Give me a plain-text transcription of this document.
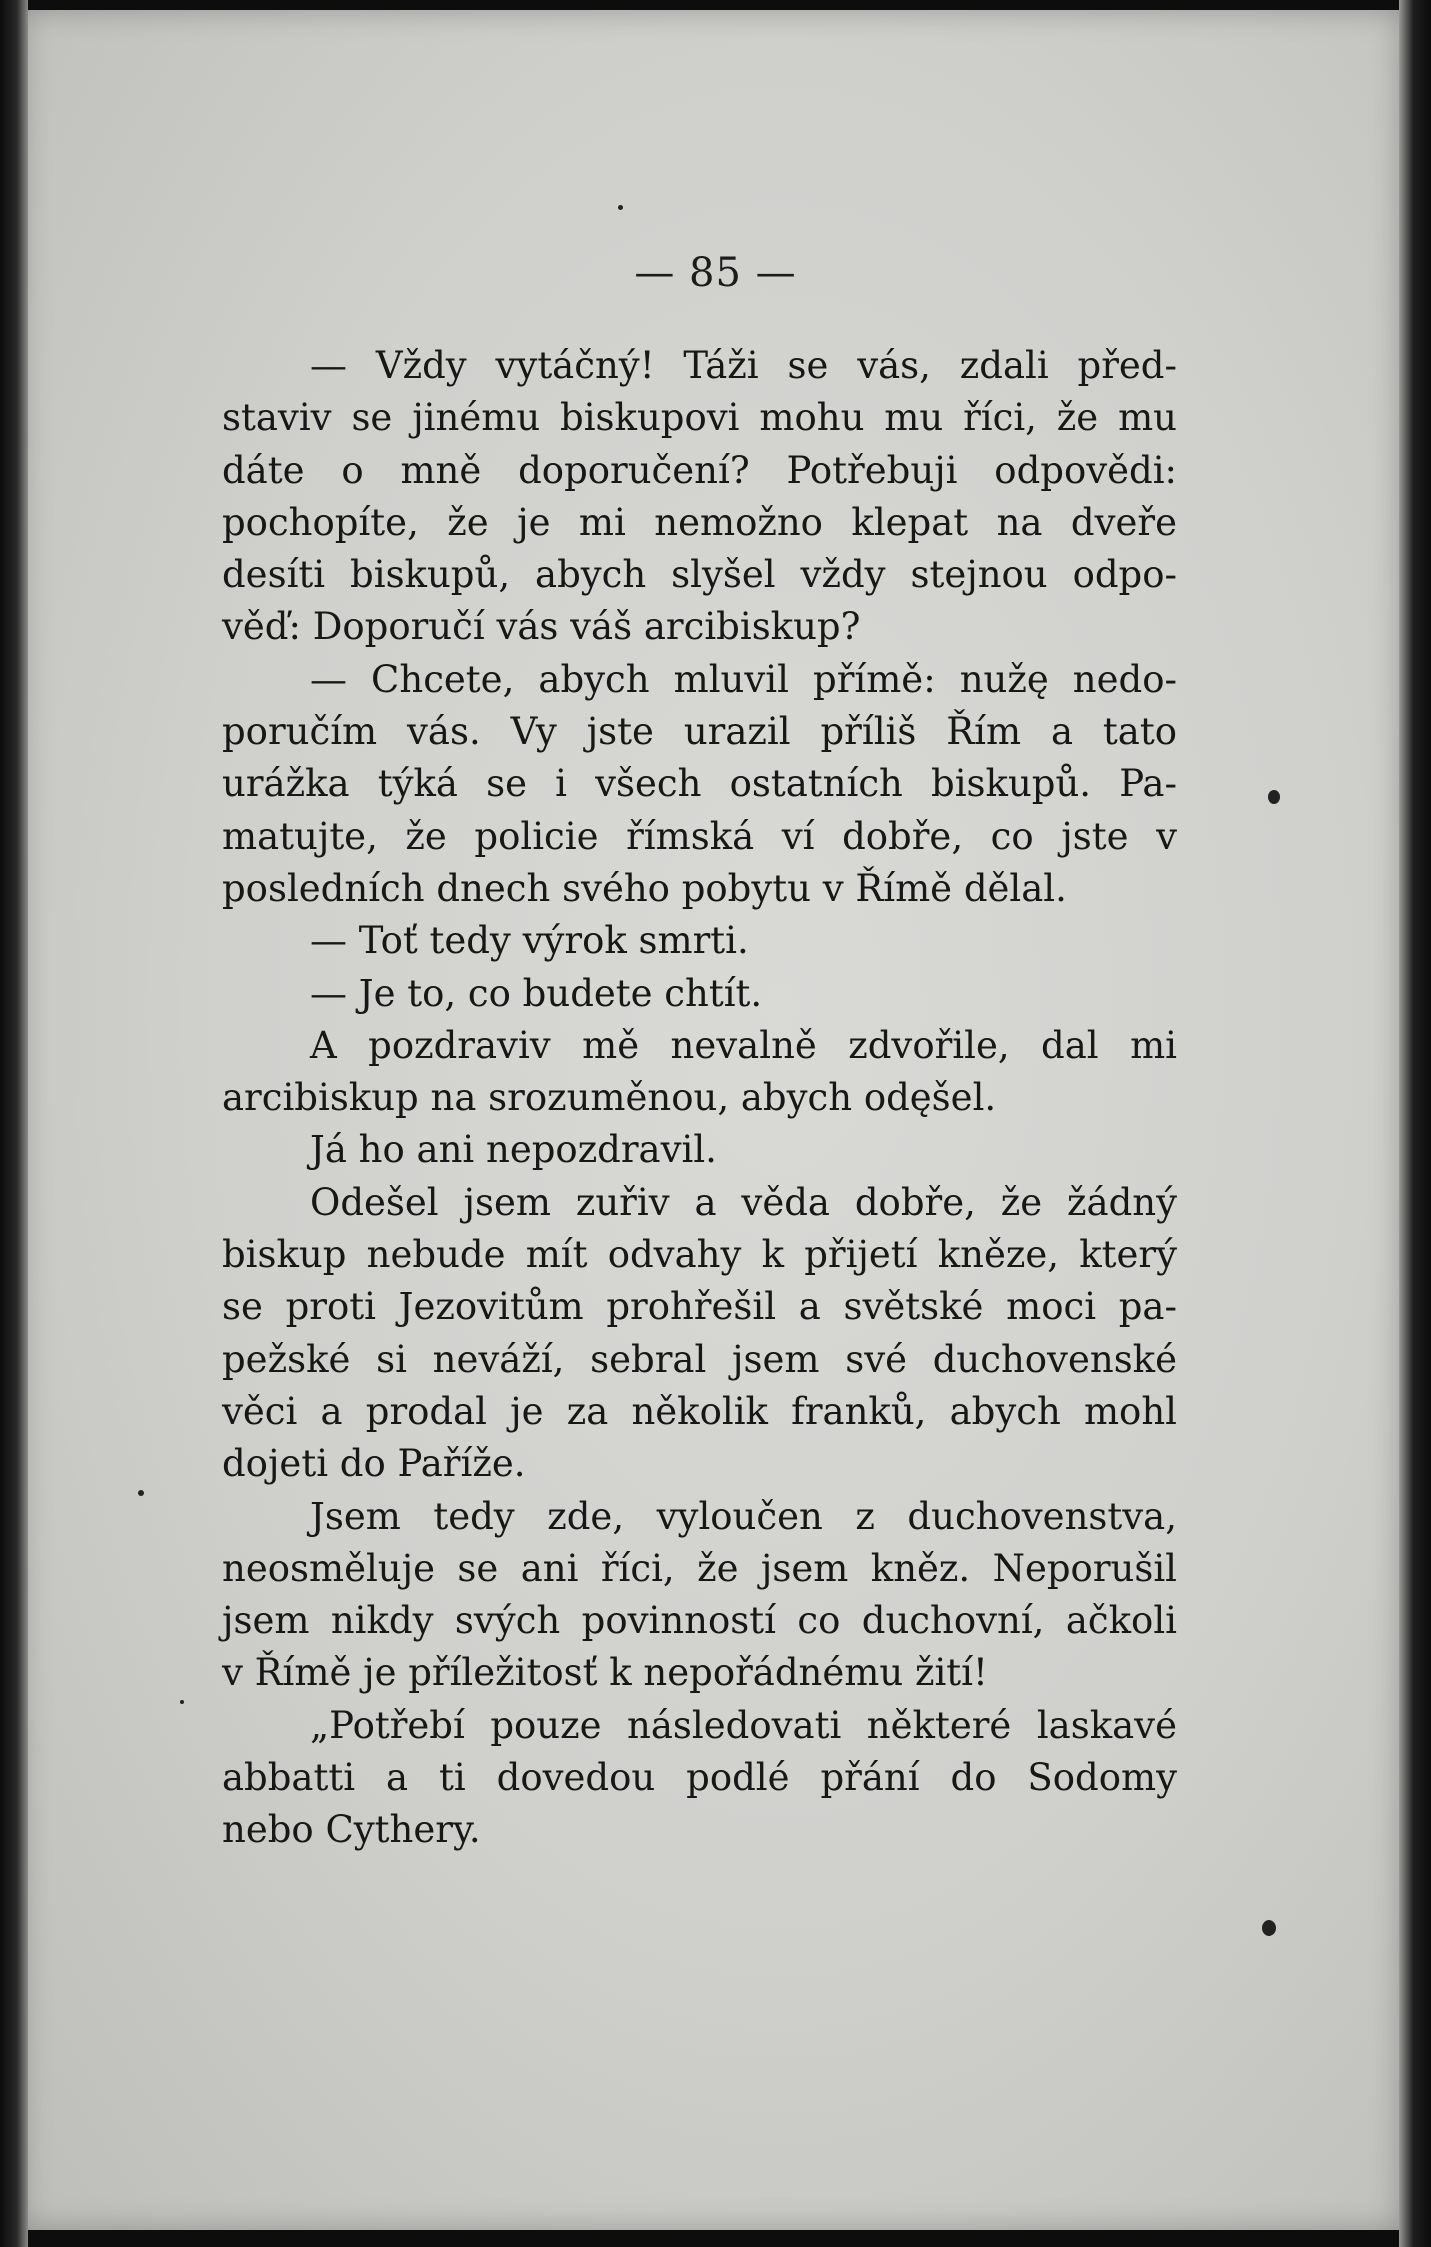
— 85 —
— Vždy vytáčný! Táži se vás, zdali před-
staviv se jinému biskupovi mohu mu říci, že mu
dáte o mně doporučení? Potřebuji odpovědi:
pochopíte, že je mi nemožno klepat na dveře
desíti biskupů, abych slyšel vždy stejnou odpo-
věď: Doporučí vás váš arcibiskup?
— Chcete, abych mluvil přímě: nužę nedo-
poručím vás. Vy jste urazil příliš Řím a tato
urážka týká se i všech ostatních biskupů. Pa-
matujte, že policie římská ví dobře, co jste v
posledních dnech svého pobytu v Římě dělal.
— Toť tedy výrok smrti.
— Je to, co budete chtít.
A pozdraviv mě nevalně zdvořile, dal mi
arcibiskup na srozuměnou, abych odęšel.
Já ho ani nepozdravil.
Odešel jsem zuřiv a věda dobře, že žádný
biskup nebude mít odvahy k přijetí kněze, který
se proti Jezovitům prohřešil a světské moci pa-
pežské si neváží, sebral jsem své duchovenské
věci a prodal je za několik franků, abych mohl
dojeti do Paříže.
Jsem tedy zde, vyloučen z duchovenstva,
neosměluje se ani říci, že jsem kněz. Neporušil
jsem nikdy svých povinností co duchovní, ačkoli
v Římě je příležitosť k nepořádnému žití!
„Potřebí pouze následovati některé laskavé
abbatti a ti dovedou podlé přání do Sodomy
nebo Cythery.
